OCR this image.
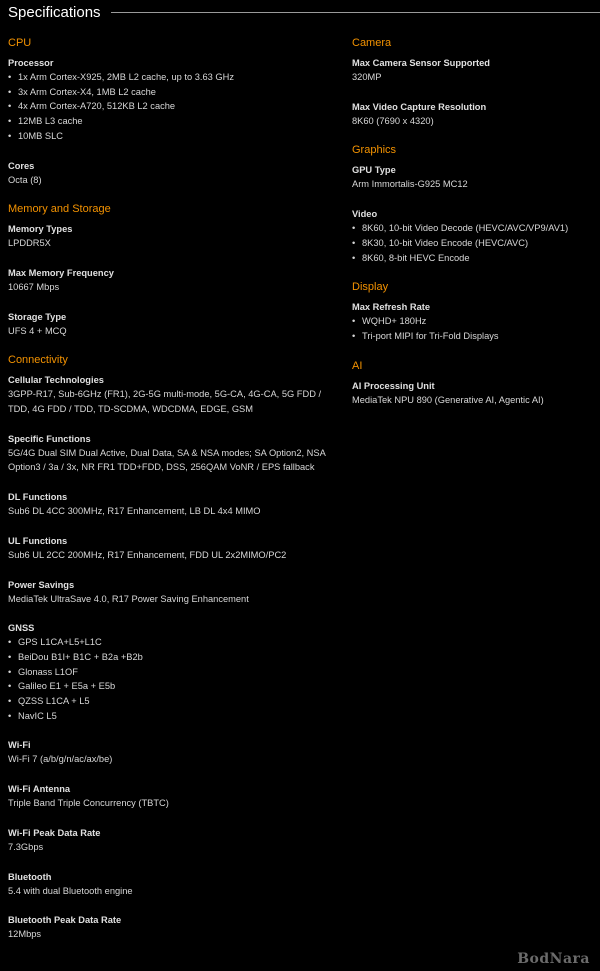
Specifications
CPU
Processor
• 1x Arm Cortex-X925, 2MB L2 cache, up to 3.63 GHz
• 3x Arm Cortex-X4, 1MB L2 cache
• 4x Arm Cortex-A720, 512KB L2 cache
• 12MB L3 cache
• 10MB SLC
Cores
Octa (8)
Memory and Storage
Memory Types
LPDDR5X
Max Memory Frequency
10667 Mbps
Storage Type
UFS 4 + MCQ
Connectivity
Cellular Technologies
3GPP-R17, Sub-6GHz (FR1), 2G-5G multi-mode, 5G-CA, 4G-CA, 5G FDD / TDD, 4G FDD / TDD, TD-SCDMA, WDCDMA, EDGE, GSM
Specific Functions
5G/4G Dual SIM Dual Active, Dual Data, SA & NSA modes; SA Option2, NSA Option3 / 3a / 3x, NR FR1 TDD+FDD, DSS, 256QAM VoNR / EPS fallback
DL Functions
Sub6 DL 4CC 300MHz, R17 Enhancement, LB DL 4x4 MIMO
UL Functions
Sub6 UL 2CC 200MHz, R17 Enhancement, FDD UL 2x2MIMO/PC2
Power Savings
MediaTek UltraSave 4.0, R17 Power Saving Enhancement
GNSS
• GPS L1CA+L5+L1C
• BeiDou B1I+ B1C + B2a +B2b
• Glonass L1OF
• Galileo E1 + E5a + E5b
• QZSS L1CA + L5
• NavIC L5
Wi-Fi
Wi-Fi 7 (a/b/g/n/ac/ax/be)
Wi-Fi Antenna
Triple Band Triple Concurrency (TBTC)
Wi-Fi Peak Data Rate
7.3Gbps
Bluetooth
5.4 with dual Bluetooth engine
Bluetooth Peak Data Rate
12Mbps
Camera
Max Camera Sensor Supported
320MP
Max Video Capture Resolution
8K60 (7690 x 4320)
Graphics
GPU Type
Arm Immortalis-G925 MC12
Video
• 8K60, 10-bit Video Decode (HEVC/AVC/VP9/AV1)
• 8K30, 10-bit Video Encode (HEVC/AVC)
• 8K60, 8-bit HEVC Encode
Display
Max Refresh Rate
• WQHD+ 180Hz
• Tri-port MIPI for Tri-Fold Displays
AI
AI Processing Unit
MediaTek NPU 890 (Generative AI, Agentic AI)
BodNara
